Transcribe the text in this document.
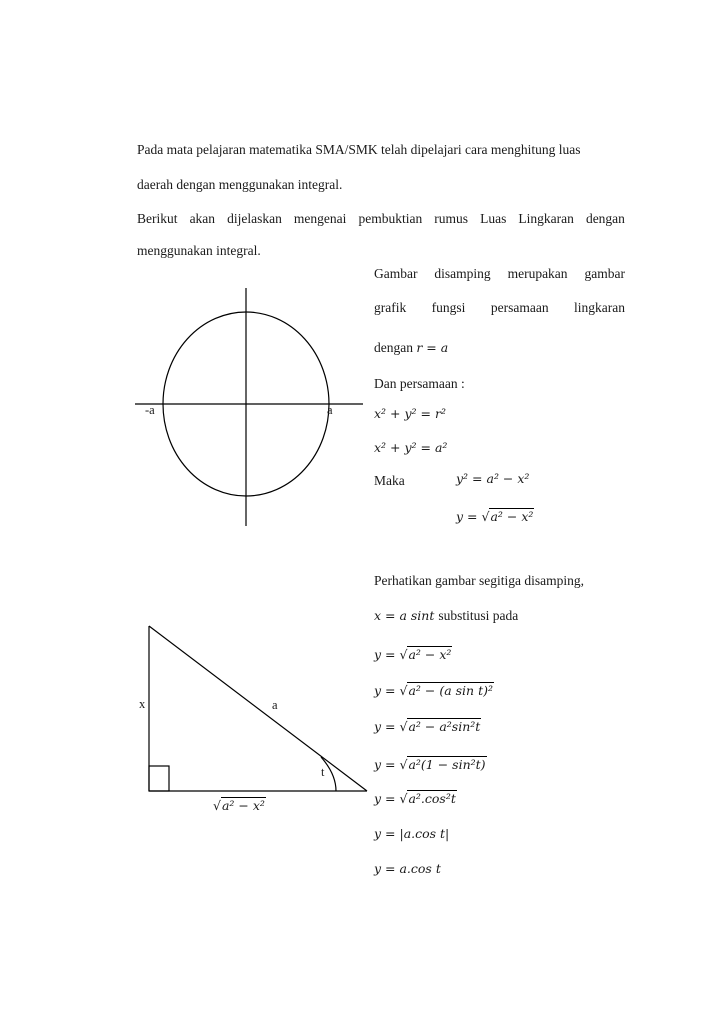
Pada mata pelajaran matematika SMA/SMK telah dipelajari cara menghitung luas
daerah dengan menggunakan integral.
Berikut akan dijelaskan mengenai pembuktian rumus Luas Lingkaran dengan
menggunakan integral.
-a	a
Gambar disamping merupakan gambar
grafik fungsi persamaan lingkaran
dengan r = a
Dan persamaan :
x² + y² = r²
x² + y² = a²
Maka	y² = a² − x²
y = √a² − x²
x	a
t
√a² − x²
Perhatikan gambar segitiga disamping,
x = a sint substitusi pada
y = √a² − x²
y = √a² − (a sin t)²
y = √a² − a²sin²t
y = √a²(1 − sin²t)
y = √a².cos²t
y = |a.cos t|
y = a.cos t
